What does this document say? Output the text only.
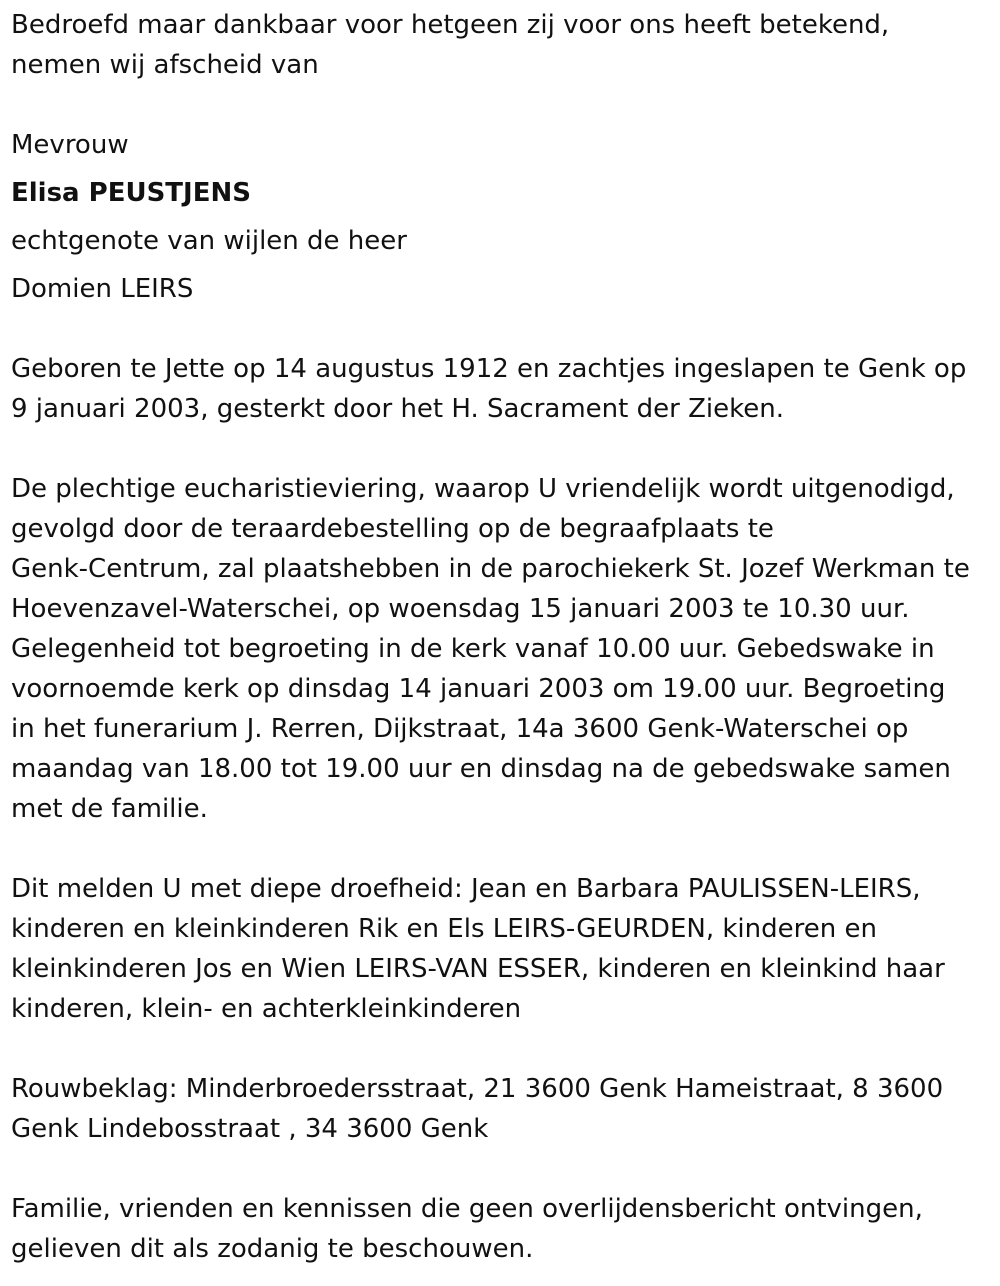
Bedroefd maar dankbaar voor hetgeen zij voor ons heeft betekend,
nemen wij afscheid van
Mevrouw
Elisa PEUSTJENS
echtgenote van wijlen de heer
Domien LEIRS
Geboren te Jette op 14 augustus 1912 en zachtjes ingeslapen te Genk op
9 januari 2003, gesterkt door het H. Sacrament der Zieken.
De plechtige eucharistieviering, waarop U vriendelijk wordt uitgenodigd,
gevolgd door de teraardebestelling op de begraafplaats te
Genk-Centrum, zal plaatshebben in de parochiekerk St. Jozef Werkman te
Hoevenzavel-Waterschei, op woensdag 15 januari 2003 te 10.30 uur.
Gelegenheid tot begroeting in de kerk vanaf 10.00 uur. Gebedswake in
voornoemde kerk op dinsdag 14 januari 2003 om 19.00 uur. Begroeting
in het funerarium J. Rerren, Dijkstraat, 14a 3600 Genk-Waterschei op
maandag van 18.00 tot 19.00 uur en dinsdag na de gebedswake samen
met de familie.
Dit melden U met diepe droefheid: Jean en Barbara PAULISSEN-LEIRS,
kinderen en kleinkinderen Rik en Els LEIRS-GEURDEN, kinderen en
kleinkinderen Jos en Wien LEIRS-VAN ESSER, kinderen en kleinkind haar
kinderen, klein- en achterkleinkinderen
Rouwbeklag: Minderbroedersstraat, 21 3600 Genk Hameistraat, 8 3600
Genk Lindebosstraat , 34 3600 Genk
Familie, vrienden en kennissen die geen overlijdensbericht ontvingen,
gelieven dit als zodanig te beschouwen.
